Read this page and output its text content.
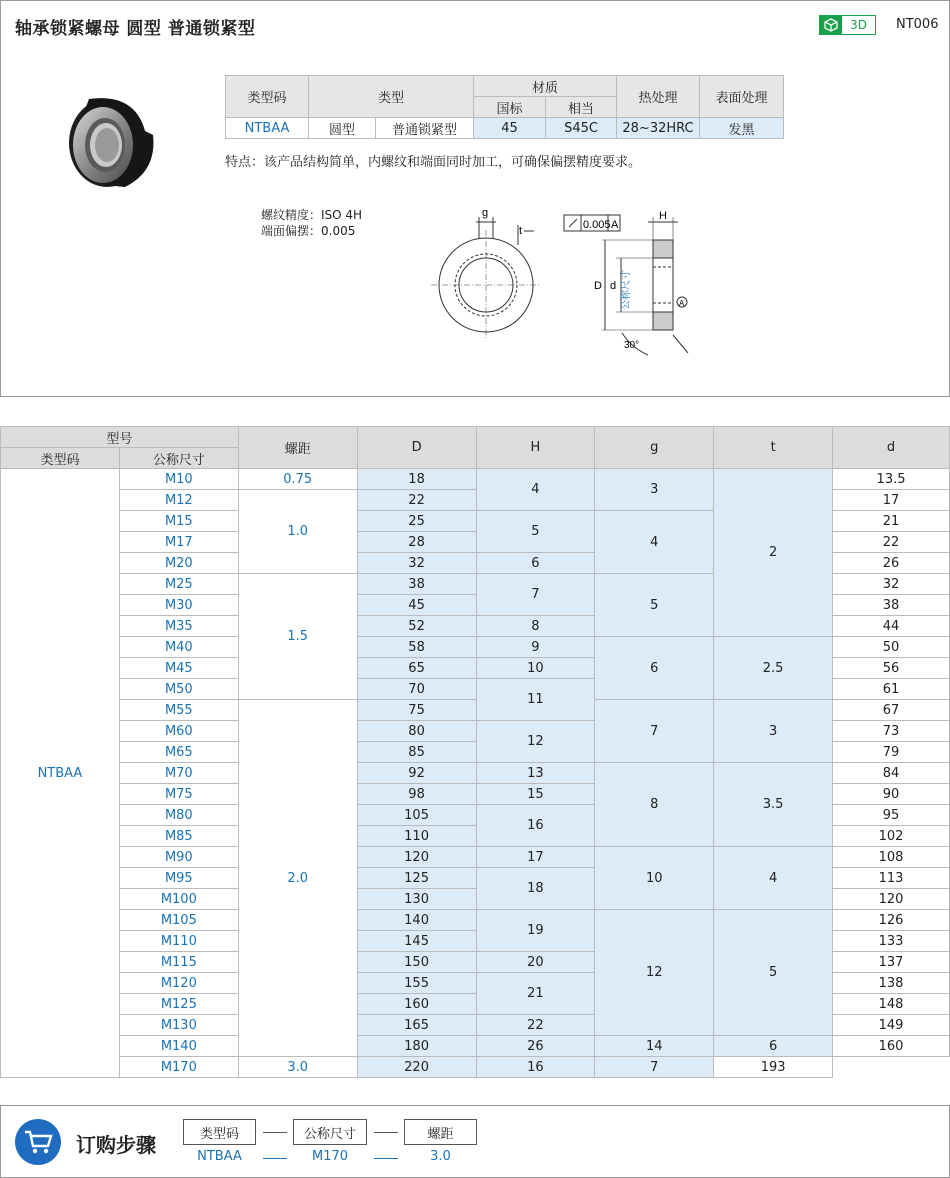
轴承锁紧螺母 圆型 普通锁紧型	3D	NT006
类型码	类型		材质		热处理	表面处理
			国标	相当		
NTBAA	圆型	普通锁紧型	45	S45C	28~32HRC	发黑
特点：该产品结构简单，内螺纹和端面同时加工，可确保偏摆精度要求。
螺纹精度：ISO 4H
端面偏摆：0.005
g
t	0.005 A
H
D d 公称尺寸	A
30°
型号		螺距	D	H	g	t	d
类型码	公称尺寸						
NTBAA	M10	0.75	18	4	3	2	13.5
	M12	1.0	22				17
	M15		25	5	4		21
	M17		28				22
	M20		32	6			26
	M25	1.5	38	7	5		32
	M30		45				38
	M35		52	8			44
	M40		58	9	6	2.5	50
	M45		65	10			56
	M50		70	11			61
	M55	2.0	75		7	3	67
	M60		80	12			73
	M65		85				79
	M70		92	13	8	3.5	84
	M75		98	15			90
	M80		105	16			95
	M85		110				102
	M90		120	17	10	4	108
	M95		125	18			113
	M100		130				120
	M105		140	19	12	5	126
	M110		145				133
	M115		150	20			137
	M120		155	21			138
	M125		160				148
	M130		165	22			149
	M140		180	26	14	6	160
	M170	3.0	220	16	7	193	
订购步骤	类型码	公称尺寸	螺距
NTBAA	M170	3.0
